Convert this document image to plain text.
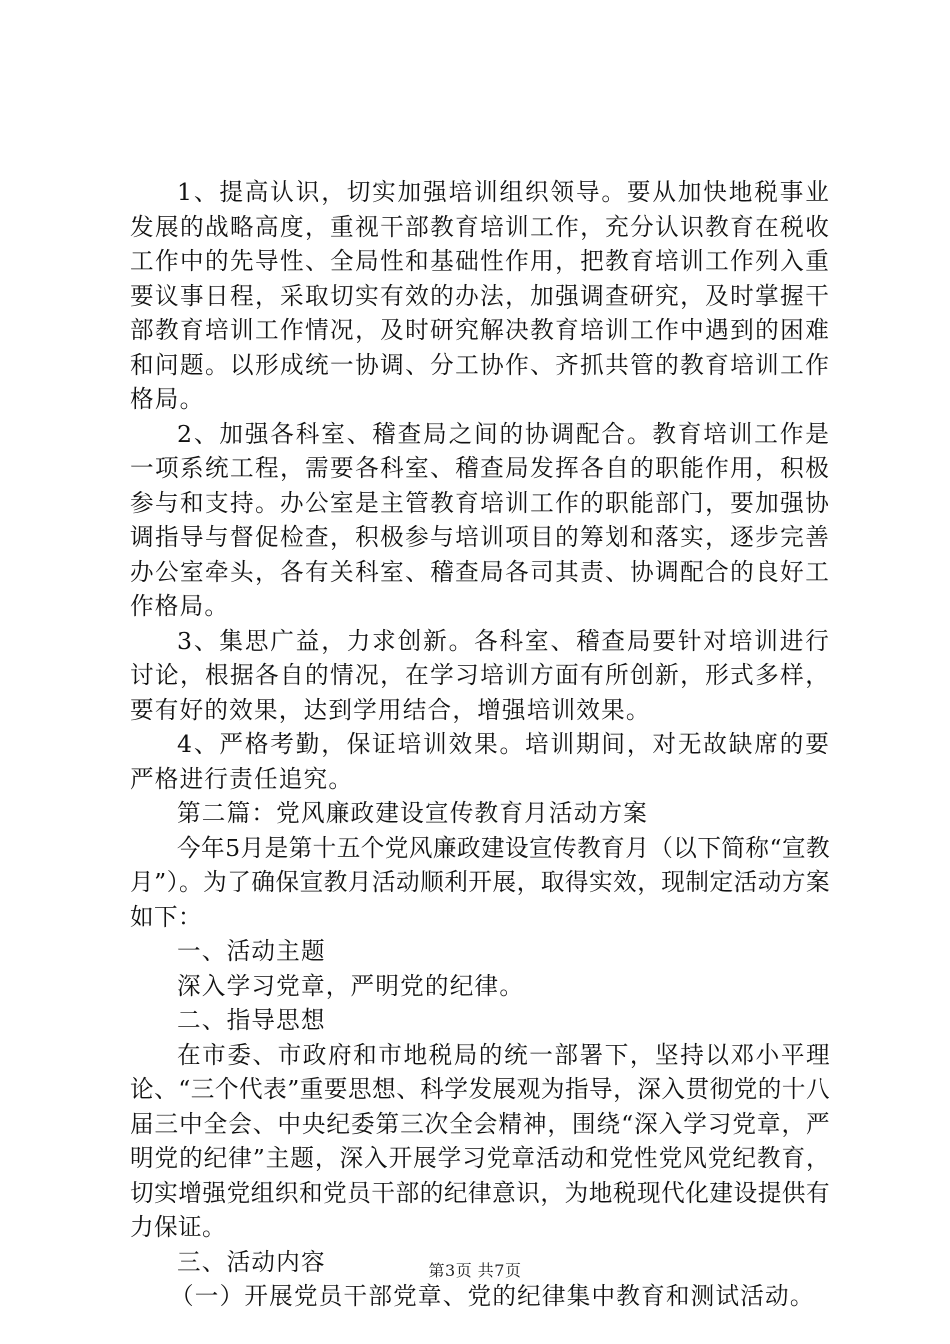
1、提高认识，切实加强培训组织领导。要从加快地税事业发展的战略高度，重视干部教育培训工作，充分认识教育在税收工作中的先导性、全局性和基础性作用，把教育培训工作列入重要议事日程，采取切实有效的办法，加强调查研究，及时掌握干部教育培训工作情况，及时研究解决教育培训工作中遇到的困难和问题。以形成统一协调、分工协作、齐抓共管的教育培训工作格局。

2、加强各科室、稽查局之间的协调配合。教育培训工作是一项系统工程，需要各科室、稽查局发挥各自的职能作用，积极参与和支持。办公室是主管教育培训工作的职能部门，要加强协调指导与督促检查，积极参与培训项目的筹划和落实，逐步完善办公室牵头，各有关科室、稽查局各司其责、协调配合的良好工作格局。

3、集思广益，力求创新。各科室、稽查局要针对培训进行讨论，根据各自的情况，在学习培训方面有所创新，形式多样，要有好的效果，达到学用结合，增强培训效果。

4、严格考勤，保证培训效果。培训期间，对无故缺席的要严格进行责任追究。

第二篇：党风廉政建设宣传教育月活动方案

今年5月是第十五个党风廉政建设宣传教育月（以下简称“宣教月”）。为了确保宣教月活动顺利开展，取得实效，现制定活动方案如下：

一、活动主题

深入学习党章，严明党的纪律。

二、指导思想

在市委、市政府和市地税局的统一部署下，坚持以邓小平理论、“三个代表”重要思想、科学发展观为指导，深入贯彻党的十八届三中全会、中央纪委第三次全会精神，围绕“深入学习党章，严明党的纪律”主题，深入开展学习党章活动和党性党风党纪教育，切实增强党组织和党员干部的纪律意识，为地税现代化建设提供有力保证。

三、活动内容

（一）开展党员干部党章、党的纪律集中教育和测试活动。

第3页 共7页
